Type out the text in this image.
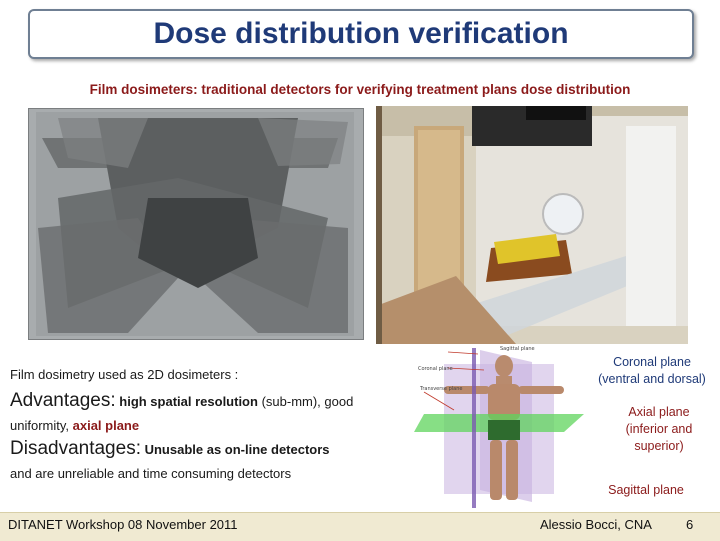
Dose distribution verification
Film dosimeters: traditional detectors for verifying treatment plans dose distribution
Film dosimetry used as 2D dosimeters :
Advantages: high spatial resolution (sub-mm), good
uniformity, axial plane
Disadvantages: Unusable as on-line detectors
and are unreliable and time consuming detectors
Sagittal plane
Coronal plane
Transverse plane
Coronal plane
(ventral and dorsal)
Axial plane
(inferior and
superior)
Sagittal plane
DITANET Workshop 08 November 2011	Alessio Bocci, CNA	6
